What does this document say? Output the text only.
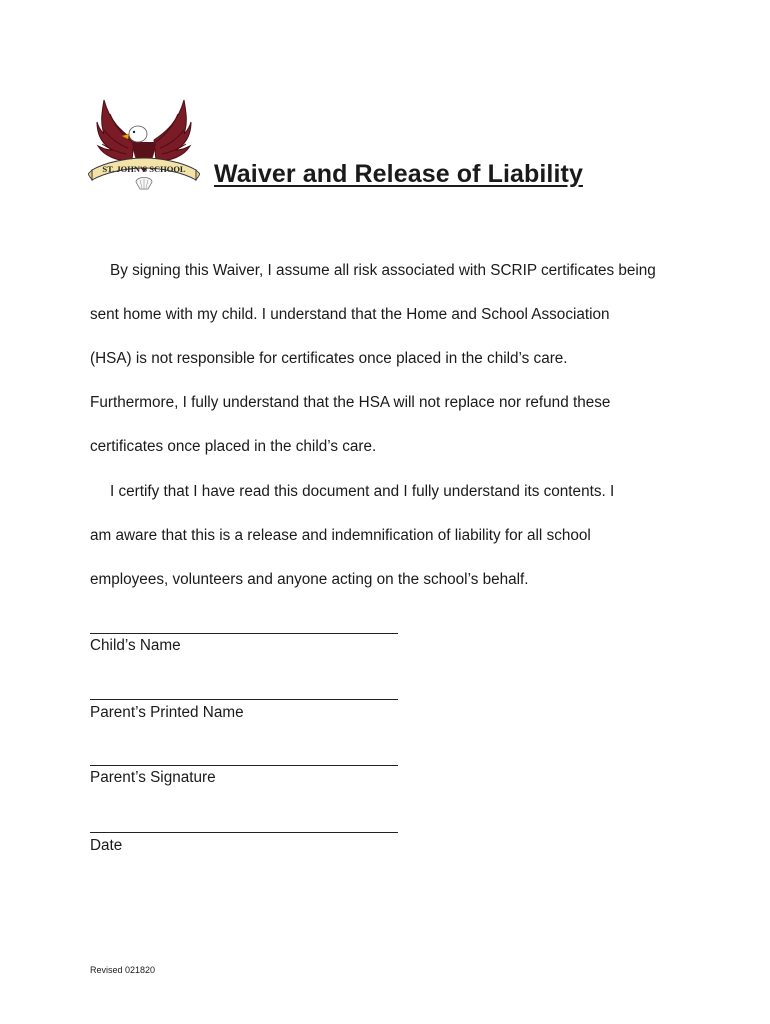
ST. JOHN'S SCHOOL Waiver and Release of Liability
By signing this Waiver, I assume all risk associated with SCRIP certificates being
sent home with my child. I understand that the Home and School Association
(HSA) is not responsible for certificates once placed in the child’s care.
Furthermore, I fully understand that the HSA will not replace nor refund these
certificates once placed in the child’s care.
I certify that I have read this document and I fully understand its contents. I
am aware that this is a release and indemnification of liability for all school
employees, volunteers and anyone acting on the school’s behalf.
Child’s Name
Parent’s Printed Name
Parent’s Signature
Date
Revised 021820
